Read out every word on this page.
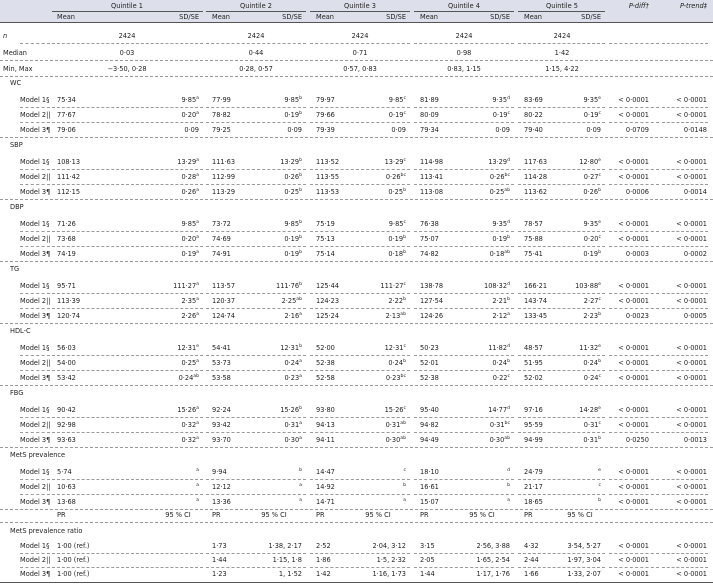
Quintile 1
Mean	SD/SE
Quintile 2
Mean	SD/SE
Quintile 3
Mean	SD/SE
Quintile 4
Mean	SD/SE
Quintile 5
Mean	SD/SE
P-diff†	P-trend‡
n	2424	2424	2424	2424	2424
Median	0·03	0·44	0·71	0·98	1·42
Min, Max	−3·50, 0·28	0·28, 0·57	0·57, 0·83	0·83, 1·15	1·15, 4·22
WC
Model 1§ 75·34	$9\cdot 85^a$ 77·99	$9\cdot 85^b$ 79·97	$9\cdot 85^c$ 81·89	$9\cdot 35^d$ 83·69	$9\cdot 35^e$	< 0·0001	< 0·0001
Model 2|| 77·67	$0\cdot 20^a$ 78·82	$0\cdot 19^b$ 79·66	$0\cdot 19^c$ 80·09	$0\cdot 19^c$ 80·22	$0\cdot 19^c$	< 0·0001	< 0·0001
Model 3¶ 79·06	0·09 79·25	0·09 79·39	0·09 79·34	0·09 79·40	0·09	0·0709	0·0148
SBP
Model 1§ 108·13	$13\cdot 29^a$ 111·63	$13\cdot 29^b$ 113·52	$13\cdot 29^c$ 114·98	$13\cdot 29^d$ 117·63	$12\cdot 80^e$	< 0·0001	< 0·0001
Model 2|| 111·42	$0\cdot 28^a$ 112·99	$0\cdot 26^b$ 113·55	$0\cdot 26^{bc}$ 113·41	$0\cdot 26^{bc}$ 114·28	$0\cdot 27^c$	< 0·0001	< 0·0001
Model 3¶ 112·15	$0\cdot 26^a$ 113·29	$0\cdot 25^b$ 113·53	$0\cdot 25^b$ 113·08	$0\cdot 25^{ab}$ 113·62	$0\cdot 26^b$	0·0006	0·0014
DBP
Model 1§ 71·26	$9\cdot 85^a$ 73·72	$9\cdot 85^b$ 75·19	$9\cdot 85^c$ 76·38	$9\cdot 35^d$ 78·57	$9\cdot 35^e$	< 0·0001	< 0·0001
Model 2|| 73·68	$0\cdot 20^a$ 74·69	$0\cdot 19^b$ 75·13	$0\cdot 19^b$ 75·07	$0\cdot 19^b$ 75·88	$0\cdot 20^c$	< 0·0001	< 0·0001
Model 3¶ 74·19	$0\cdot 19^a$ 74·91	$0\cdot 19^b$ 75·14	$0\cdot 18^b$ 74·82	$0\cdot 18^{ab}$ 75·41	$0\cdot 19^b$	0·0003	0·0002
TG
Model 1§ 95·71	$111\cdot 27^a$ 113·57	$111\cdot 76^b$ 125·44	$111\cdot 27^c$ 138·78	$108\cdot 32^d$ 166·21	$103\cdot 88^e$	< 0·0001	< 0·0001
Model 2|| 113·39	$2\cdot 35^a$ 120·37	$2\cdot 25^{ab}$ 124·23	$2\cdot 22^b$ 127·54	$2\cdot 21^b$ 143·74	$2\cdot 27^c$	< 0·0001	< 0·0001
Model 3¶ 120·74	$2\cdot 26^a$ 124·74	$2\cdot 16^a$ 125·24	$2\cdot 13^{ab}$ 124·26	$2\cdot 12^a$ 133·45	$2\cdot 23^b$	0·0023	0·0005
HDL-C
Model 1§ 56·03	$12\cdot 31^e$ 54·41	$12\cdot 31^b$ 52·00	$12\cdot 31^c$ 50·23	$11\cdot 82^d$ 48·57	$11\cdot 32^e$	< 0·0001	< 0·0001
Model 2|| 54·00	$0\cdot 25^a$ 53·73	$0\cdot 24^a$ 52·38	$0\cdot 24^b$ 52·01	$0\cdot 24^b$ 51·95	$0\cdot 24^b$	< 0·0001	< 0·0001
Model 3¶ 53·42	$0\cdot 24^{ab}$ 53·58	$0\cdot 23^a$ 52·58	$0\cdot 23^{bc}$ 52·38	$0\cdot 22^c$ 52·02	$0\cdot 24^c$	< 0·0001	< 0·0001
FBG
Model 1§ 90·42	$15\cdot 26^a$ 92·24	$15\cdot 26^b$ 93·80	$15\cdot 26^c$ 95·40	$14\cdot 77^d$ 97·16	$14\cdot 28^e$	< 0·0001	< 0·0001
Model 2|| 92·98	$0\cdot 32^a$ 93·42	$0\cdot 31^a$ 94·13	$0\cdot 31^{ab}$ 94·82	$0\cdot 31^{bc}$ 95·59	$0\cdot 31^c$	< 0·0001	< 0·0001
Model 3¶ 93·63	$0\cdot 32^a$ 93·70	$0\cdot 30^a$ 94·11	$0\cdot 30^{ab}$ 94·49	$0\cdot 30^{ab}$ 94·99	$0\cdot 31^b$	0·0250	0·0013
MetS prevalence
Model 1§ 5·74	$^a$ 9·94	$^b$ 14·47	$^c$ 18·10	$^d$ 24·79	$^e$	< 0·0001	< 0·0001
Model 2|| 10·63	$^a$ 12·12	$^a$ 14·92	$^b$ 16·61	$^b$ 21·17	$^c$	< 0·0001	< 0·0001
Model 3¶ 13·68	$^a$ 13·36	$^a$ 14·71	$^a$ 15·07	$^a$ 18·65	$^b$	< 0·0001	< 0·0001
PR	95 % CI	PR	95 % CI	PR	95 % CI	PR	95 % CI	PR	95 % CI
MetS prevalence ratio
Model 1§ 1·00 (ref.)	1·73	1·38, 2·17 2·52	2·04, 3·12 3·15	2·56, 3·88 4·32	3·54, 5·27	< 0·0001	< 0·0001
Model 2|| 1·00 (ref.)	1·44	1·15, 1·8 1·86	1·5, 2·32 2·05	1·65, 2·54 2·44	1·97, 3·04	< 0·0001	< 0·0001
Model 3¶ 1·00 (ref.)	1·23	1, 1·52 1·42	1·16, 1·73 1·44	1·17, 1·76 1·66	1·33, 2·07	< 0·0001	< 0·0001
